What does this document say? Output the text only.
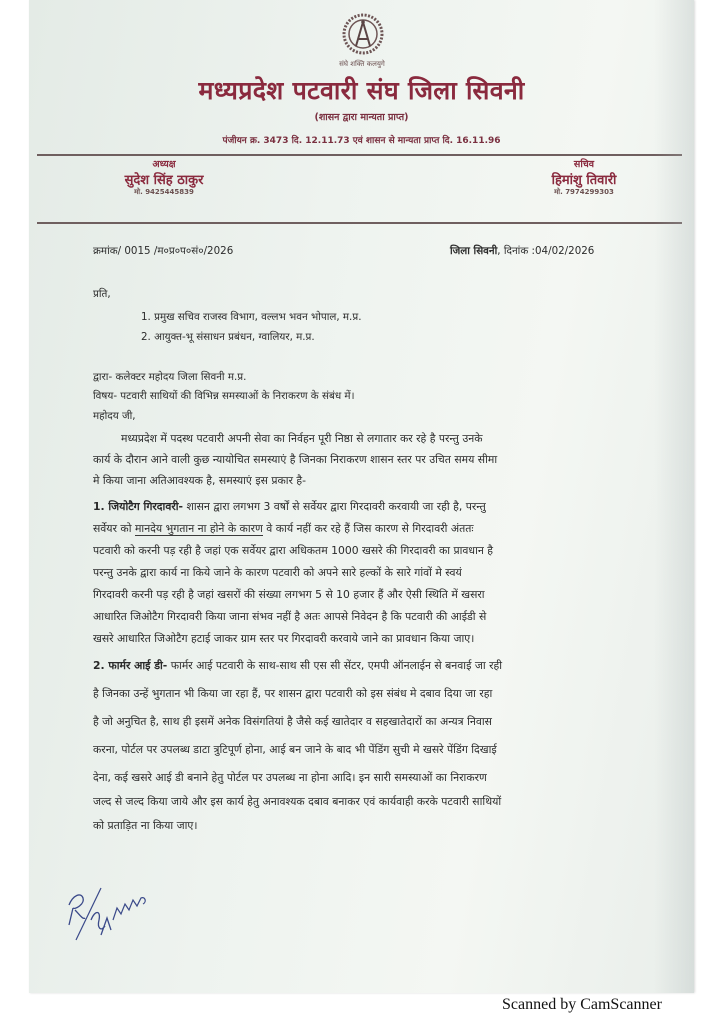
संघे शक्ति कलयुगे
मध्यप्रदेश पटवारी संघ जिला सिवनी
(शासन द्वारा मान्यता प्राप्त)
पंजीयन क्र. 3473 दि. 12.11.73 एवं शासन से मान्यता प्राप्त दि. 16.11.96
अध्यक्ष
सुदेश सिंह ठाकुर
मो. 9425445839
सचिव
हिमांशु तिवारी
मो. 7974299303
क्रमांक/ 0015 /म०प्र०प०सं०/2026	जिला सिवनी, दिनांक :04/02/2026
प्रति,
1. प्रमुख सचिव राजस्व विभाग, वल्लभ भवन भोपाल, म.प्र.
2. आयुक्त-भू संसाधन प्रबंधन, ग्वालियर, म.प्र.
द्वारा- कलेक्टर महोदय जिला सिवनी म.प्र.
विषय- पटवारी साथियों की विभिन्न समस्याओं के निराकरण के संबंध में।
महोदय जी,
मध्यप्रदेश में पदस्थ पटवारी अपनी सेवा का निर्वहन पूरी निष्ठा से लगातार कर रहे है परन्तु उनके
कार्य के दौरान आने वाली कुछ न्यायोचित समस्याएं है जिनका निराकरण शासन स्तर पर उचित समय सीमा
मे किया जाना अतिआवश्यक है, समस्याएं इस प्रकार है-
1. जियोटैग गिरदावरी- शासन द्वारा लगभग 3 वर्षों से सर्वेयर द्वारा गिरदावरी करवायी जा रही है, परन्तु
सर्वेयर को मानदेय भुगतान ना होने के कारण वे कार्य नहीं कर रहे हैं जिस कारण से गिरदावरी अंततः
पटवारी को करनी पड़ रही है जहां एक सर्वेयर द्वारा अधिकतम 1000 खसरे की गिरदावरी का प्रावधान है
परन्तु उनके द्वारा कार्य ना किये जाने के कारण पटवारी को अपने सारे हल्कों के सारे गांवों मे स्वयं
गिरदावरी करनी पड़ रही है जहां खसरों की संख्या लगभग 5 से 10 हजार हैं और ऐसी स्थिति में खसरा
आधारित जिओटैग गिरदावरी किया जाना संभव नहीं है अतः आपसे निवेदन है कि पटवारी की आईडी से
खसरे आधारित जिओटैग हटाई जाकर ग्राम स्तर पर गिरदावरी करवाये जाने का प्रावधान किया जाए।
2. फार्मर आई डी- फार्मर आई पटवारी के साथ-साथ सी एस सी सेंटर, एमपी ऑनलाईन से बनवाई जा रही
है जिनका उन्हें भुगतान भी किया जा रहा हैं, पर शासन द्वारा पटवारी को इस संबंध मे दबाव दिया जा रहा
है जो अनुचित है, साथ ही इसमें अनेक विसंगतियां है जैसे कई खातेदार व सहखातेदारों का अन्यत्र निवास
करना, पोर्टल पर उपलब्ध डाटा त्रुटिपूर्ण होना, आई बन जाने के बाद भी पेंडिंग सुची मे खसरे पेंडिंग दिखाई
देना, कई खसरे आई डी बनाने हेतु पोर्टल पर उपलब्ध ना होना आदि। इन सारी समस्याओं का निराकरण
जल्द से जल्द किया जाये और इस कार्य हेतु अनावश्यक दबाव बनाकर एवं कार्यवाही करके पटवारी साथियों
को प्रताड़ित ना किया जाए।
Scanned by CamScanner
